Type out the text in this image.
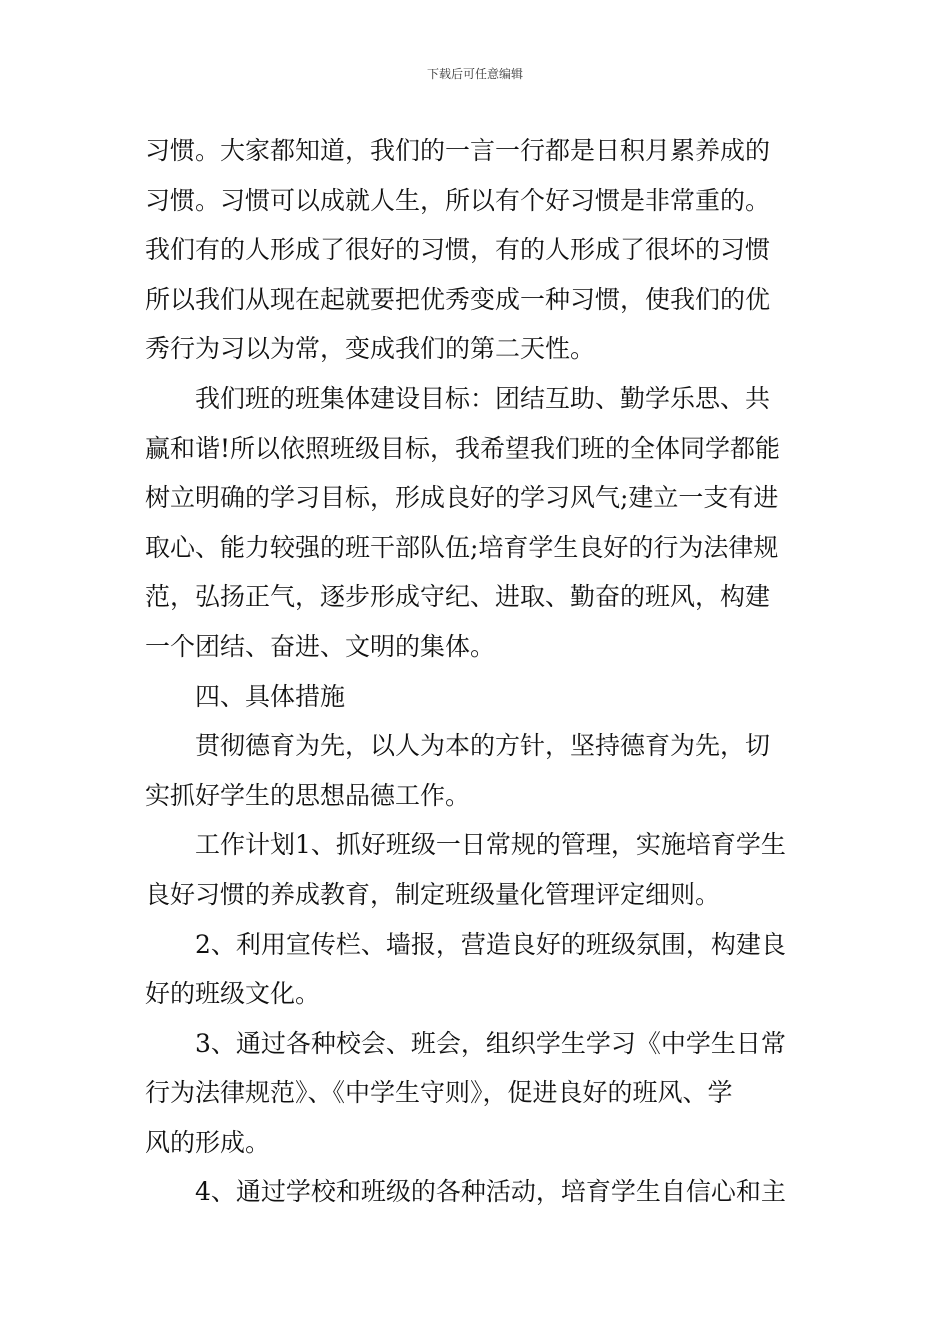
下载后可任意编辑
习惯。大家都知道，我们的一言一行都是日积月累养成的
习惯。习惯可以成就人生，所以有个好习惯是非常重的。
我们有的人形成了很好的习惯，有的人形成了很坏的习惯
所以我们从现在起就要把优秀变成一种习惯，使我们的优
秀行为习以为常，变成我们的第二天性。
我们班的班集体建设目标：团结互助、勤学乐思、共
赢和谐!所以依照班级目标，我希望我们班的全体同学都能
树立明确的学习目标，形成良好的学习风气;建立一支有进
取心、能力较强的班干部队伍;培育学生良好的行为法律规
范，弘扬正气，逐步形成守纪、进取、勤奋的班风，构建
一个团结、奋进、文明的集体。
四、具体措施
贯彻德育为先，以人为本的方针，坚持德育为先，切
实抓好学生的思想品德工作。
工作计划1、抓好班级一日常规的管理，实施培育学生
良好习惯的养成教育，制定班级量化管理评定细则。
2、利用宣传栏、墙报，营造良好的班级氛围，构建良
好的班级文化。
3、通过各种校会、班会，组织学生学习《中学生日常
行为法律规范》、《中学生守则》，促进良好的班风、学
风的形成。
4、通过学校和班级的各种活动，培育学生自信心和主
